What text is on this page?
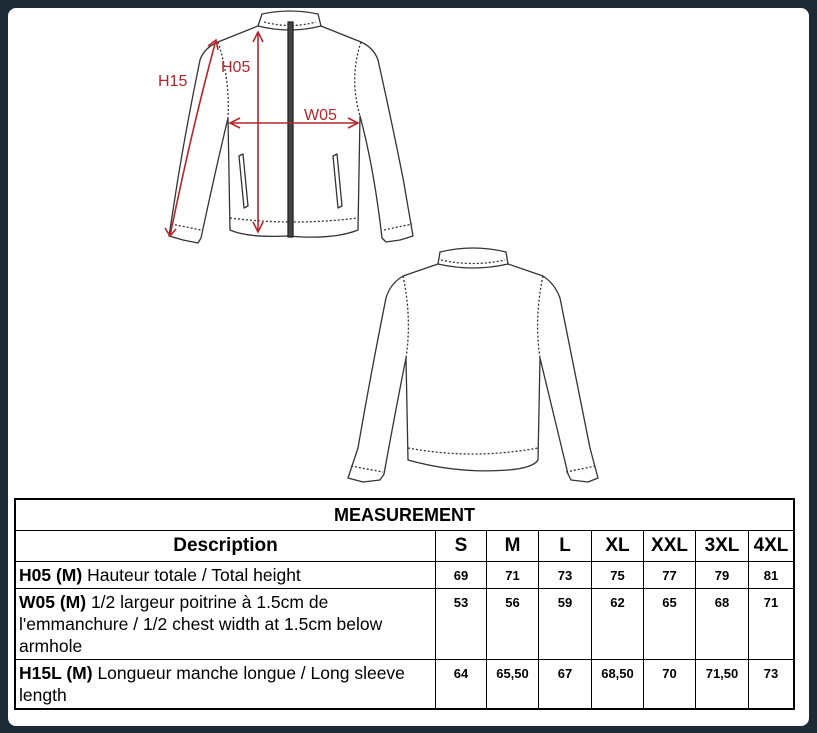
H15
H05
W05
MEASUREMENT							
Description	S	M	L	XL	XXL	3XL	4XL
H05 (M) Hauteur totale / Total height	69	71	73	75	77	79	81
W05 (M) 1/2 largeur poitrine à 1.5cm de l'emmanchure / 1/2 chest width at 1.5cm below armhole	53	56	59	62	65	68	71
H15L (M) Longueur manche longue / Long sleeve length	64	65,50	67	68,50	70	71,50	73
